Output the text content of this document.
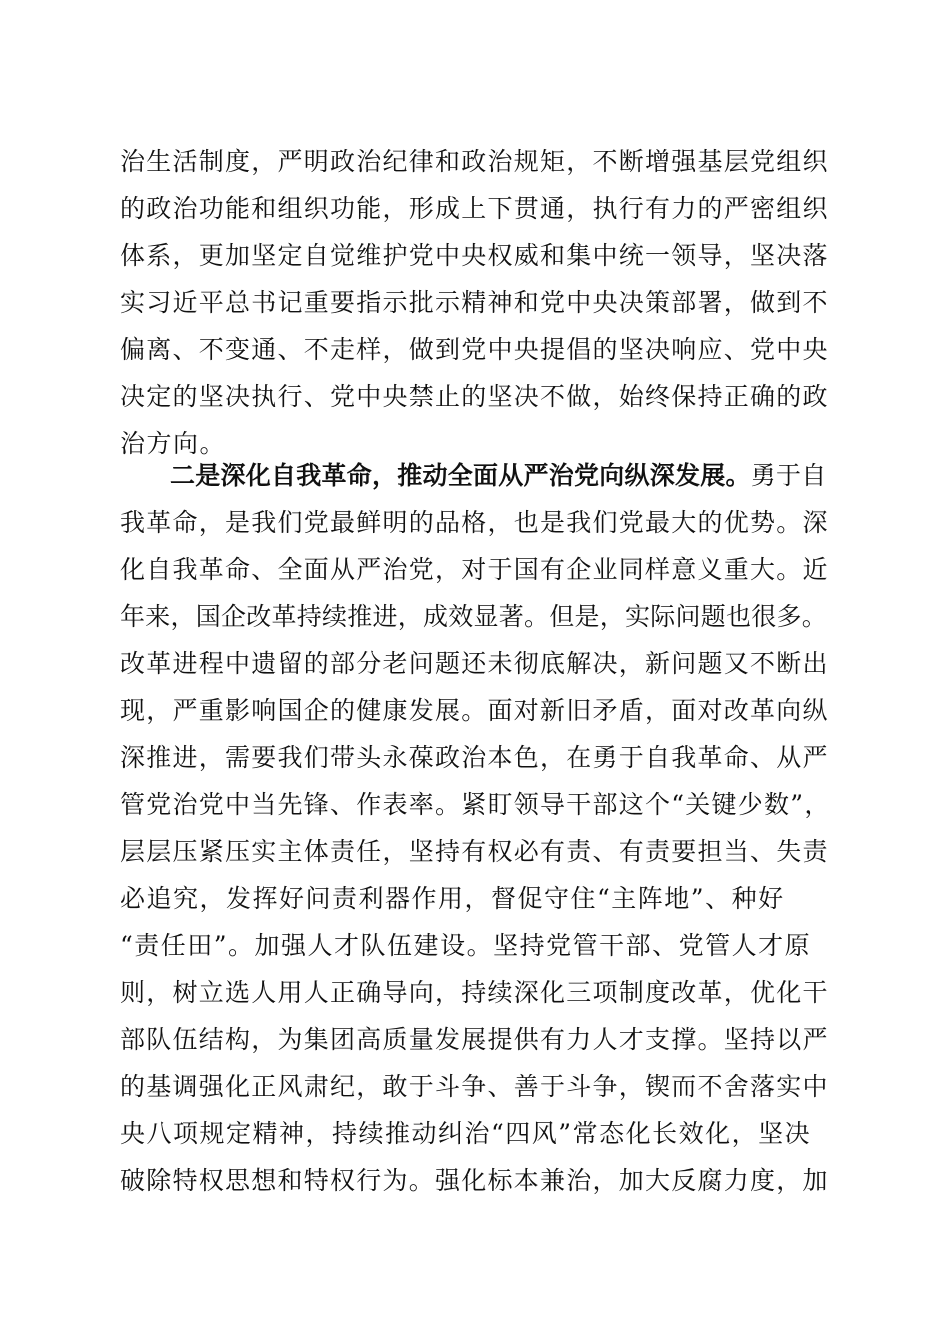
治生活制度，严明政治纪律和政治规矩，不断增强基层党组织
的政治功能和组织功能，形成上下贯通，执行有力的严密组织
体系，更加坚定自觉维护党中央权威和集中统一领导，坚决落
实习近平总书记重要指示批示精神和党中央决策部署，做到不
偏离、不变通、不走样，做到党中央提倡的坚决响应、党中央
决定的坚决执行、党中央禁止的坚决不做，始终保持正确的政
治方向。
二是深化自我革命，推动全面从严治党向纵深发展。勇于自
我革命，是我们党最鲜明的品格，也是我们党最大的优势。深
化自我革命、全面从严治党，对于国有企业同样意义重大。近
年来，国企改革持续推进，成效显著。但是，实际问题也很多。
改革进程中遗留的部分老问题还未彻底解决，新问题又不断出
现，严重影响国企的健康发展。面对新旧矛盾，面对改革向纵
深推进，需要我们带头永葆政治本色，在勇于自我革命、从严
管党治党中当先锋、作表率。紧盯领导干部这个“关键少数”，
层层压紧压实主体责任，坚持有权必有责、有责要担当、失责
必追究，发挥好问责利器作用，督促守住“主阵地”、种好
“责任田”。加强人才队伍建设。坚持党管干部、党管人才原
则，树立选人用人正确导向，持续深化三项制度改革，优化干
部队伍结构，为集团高质量发展提供有力人才支撑。坚持以严
的基调强化正风肃纪，敢于斗争、善于斗争，锲而不舍落实中
央八项规定精神，持续推动纠治“四风”常态化长效化，坚决
破除特权思想和特权行为。强化标本兼治，加大反腐力度，加
